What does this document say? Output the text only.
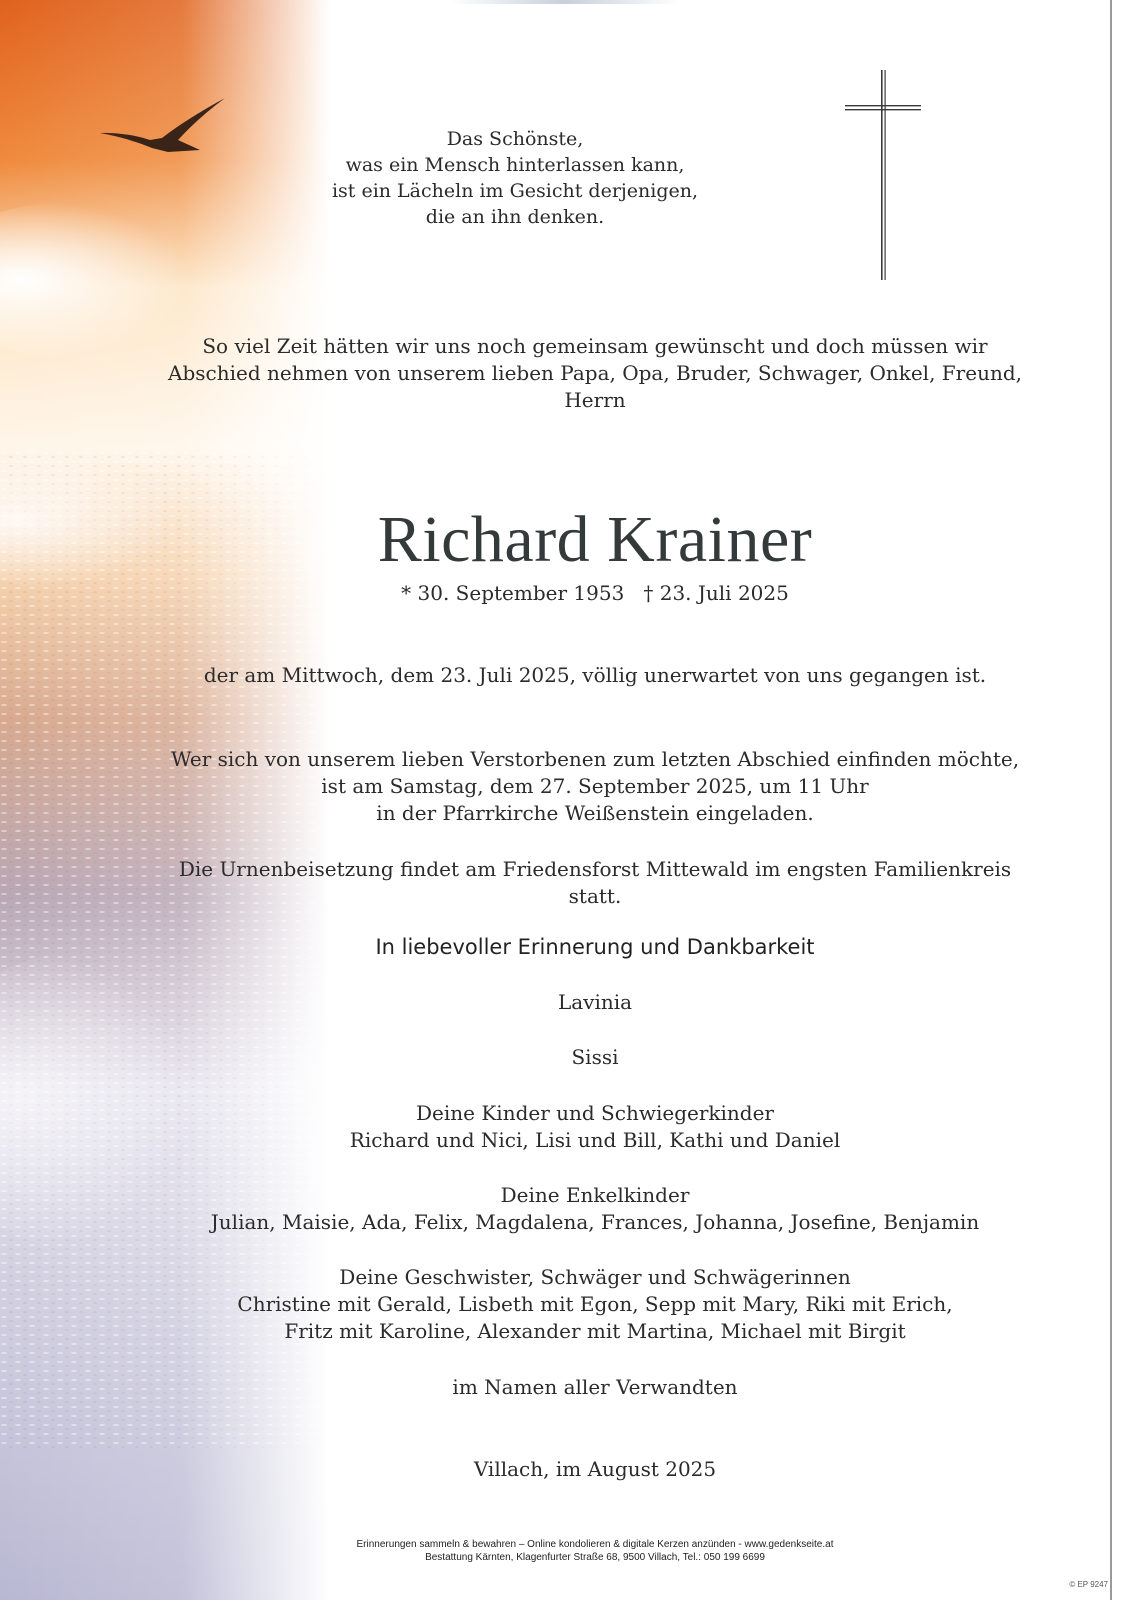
Das Schönste,
was ein Mensch hinterlassen kann,
ist ein Lächeln im Gesicht derjenigen,
die an ihn denken.
So viel Zeit hätten wir uns noch gemeinsam gewünscht und doch müssen wir
Abschied nehmen von unserem lieben Papa, Opa, Bruder, Schwager, Onkel, Freund,
Herrn
Richard Krainer
* 30. September 1953   † 23. Juli 2025
der am Mittwoch, dem 23. Juli 2025, völlig unerwartet von uns gegangen ist.
Wer sich von unserem lieben Verstorbenen zum letzten Abschied einfinden möchte,
ist am Samstag, dem 27. September 2025, um 11 Uhr
in der Pfarrkirche Weißenstein eingeladen.
Die Urnenbeisetzung findet am Friedensforst Mittewald im engsten Familienkreis statt.
In liebevoller Erinnerung und Dankbarkeit
Lavinia
Sissi
Deine Kinder und Schwiegerkinder
Richard und Nici, Lisi und Bill, Kathi und Daniel
Deine Enkelkinder
Julian, Maisie, Ada, Felix, Magdalena, Frances, Johanna, Josefine, Benjamin
Deine Geschwister, Schwäger und Schwägerinnen
Christine mit Gerald, Lisbeth mit Egon, Sepp mit Mary, Riki mit Erich,
Fritz mit Karoline, Alexander mit Martina, Michael mit Birgit
im Namen aller Verwandten
Villach, im August 2025
Erinnerungen sammeln & bewahren – Online kondolieren & digitale Kerzen anzünden - www.gedenkseite.at
Bestattung Kärnten, Klagenfurter Straße 68, 9500 Villach, Tel.: 050 199 6699
© EP 9247
